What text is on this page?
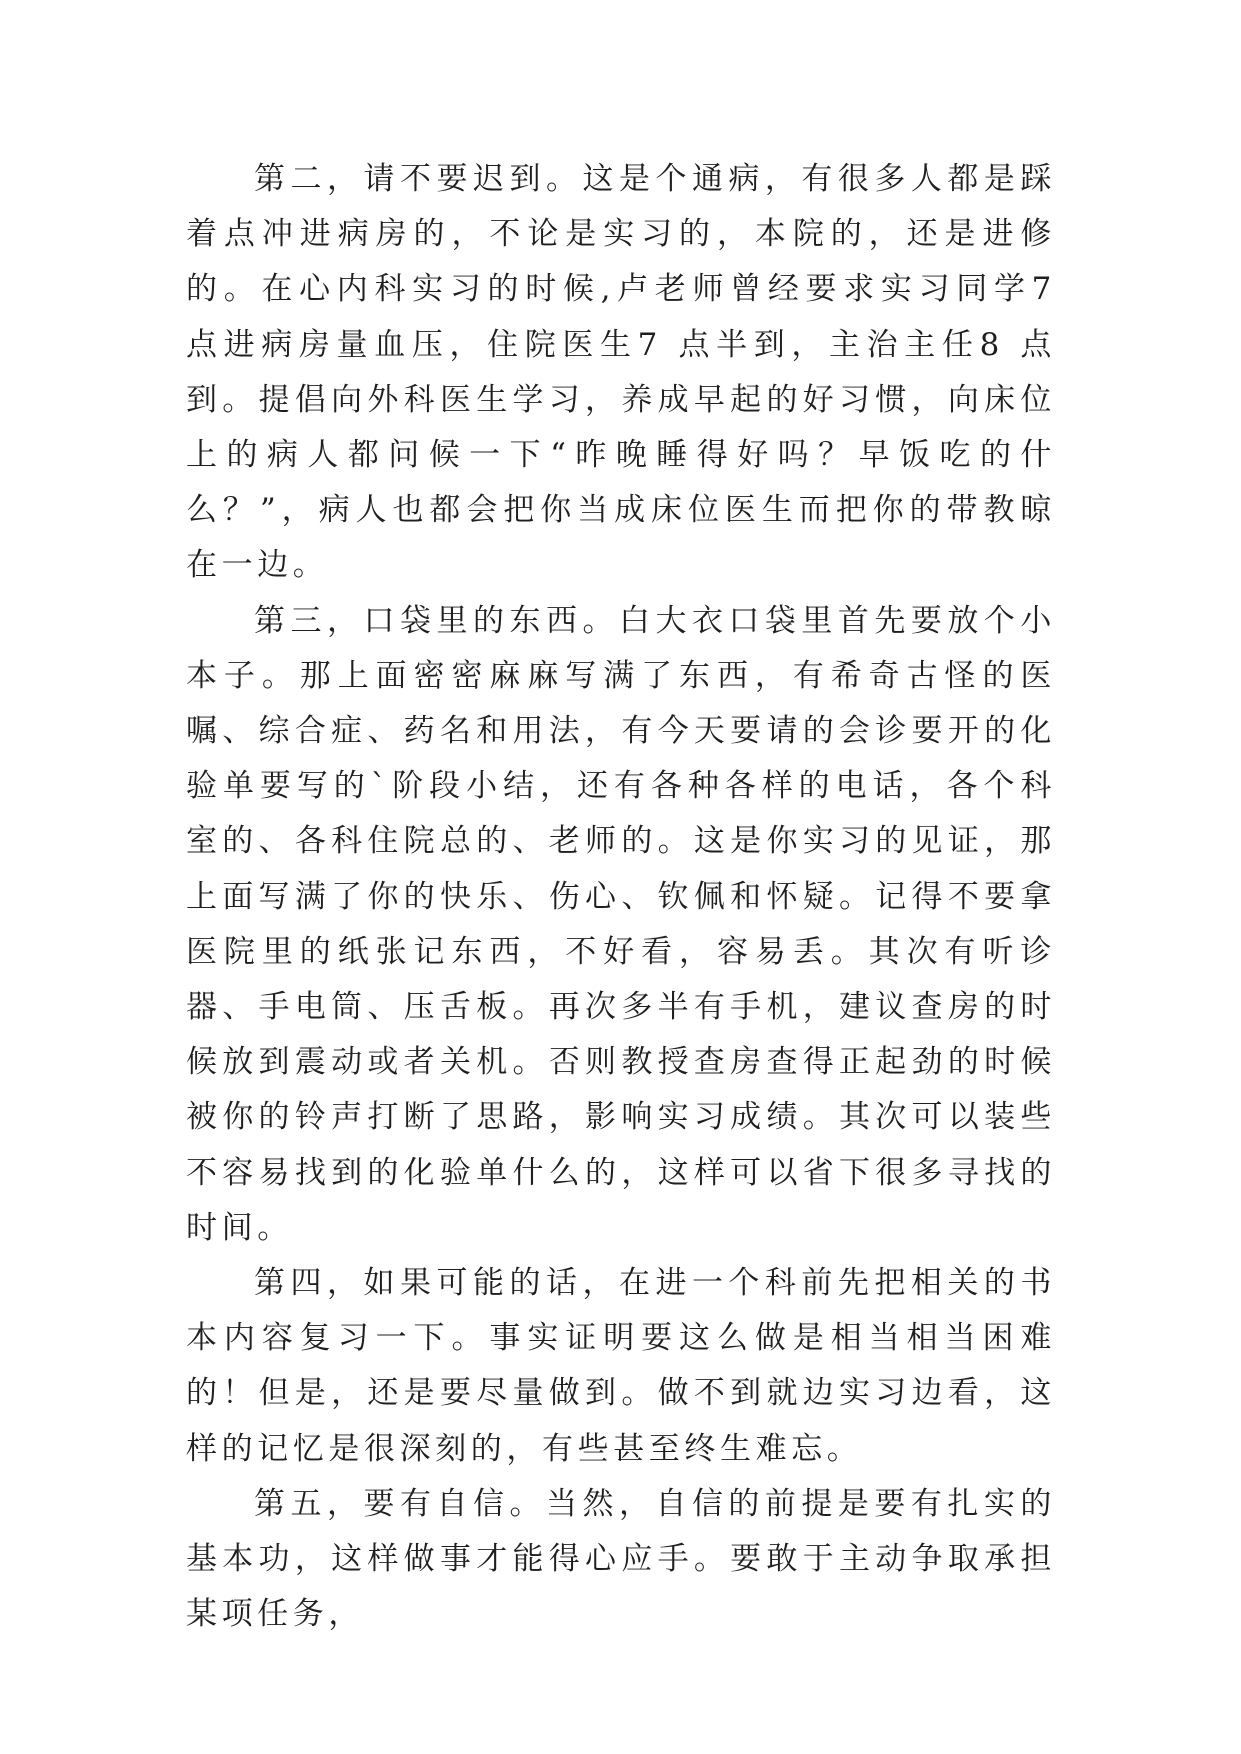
第二，请不要迟到。这是个通病，有很多人都是踩着点冲进病房的，不论是实习的，本院的，还是进修的。在心内科实习的时候,卢老师曾经要求实习同学7 点进病房量血压，住院医生7 点半到，主治主任8 点到。提倡向外科医生学习，养成早起的好习惯，向床位上的病人都问候一下“昨晚睡得好吗？早饭吃的什么？”，病人也都会把你当成床位医生而把你的带教晾在一边。

第三，口袋里的东西。白大衣口袋里首先要放个小本子。那上面密密麻麻写满了东西，有希奇古怪的医嘱、综合症、药名和用法，有今天要请的会诊要开的化验单要写的`阶段小结，还有各种各样的电话，各个科室的、各科住院总的、老师的。这是你实习的见证，那上面写满了你的快乐、伤心、钦佩和怀疑。记得不要拿医院里的纸张记东西，不好看，容易丢。其次有听诊器、手电筒、压舌板。再次多半有手机，建议查房的时候放到震动或者关机。否则教授查房查得正起劲的时候被你的铃声打断了思路，影响实习成绩。其次可以装些不容易找到的化验单什么的，这样可以省下很多寻找的时间。

第四，如果可能的话，在进一个科前先把相关的书本内容复习一下。事实证明要这么做是相当相当困难的！但是，还是要尽量做到。做不到就边实习边看，这样的记忆是很深刻的，有些甚至终生难忘。

第五，要有自信。当然，自信的前提是要有扎实的基本功，这样做事才能得心应手。要敢于主动争取承担某项任务，
